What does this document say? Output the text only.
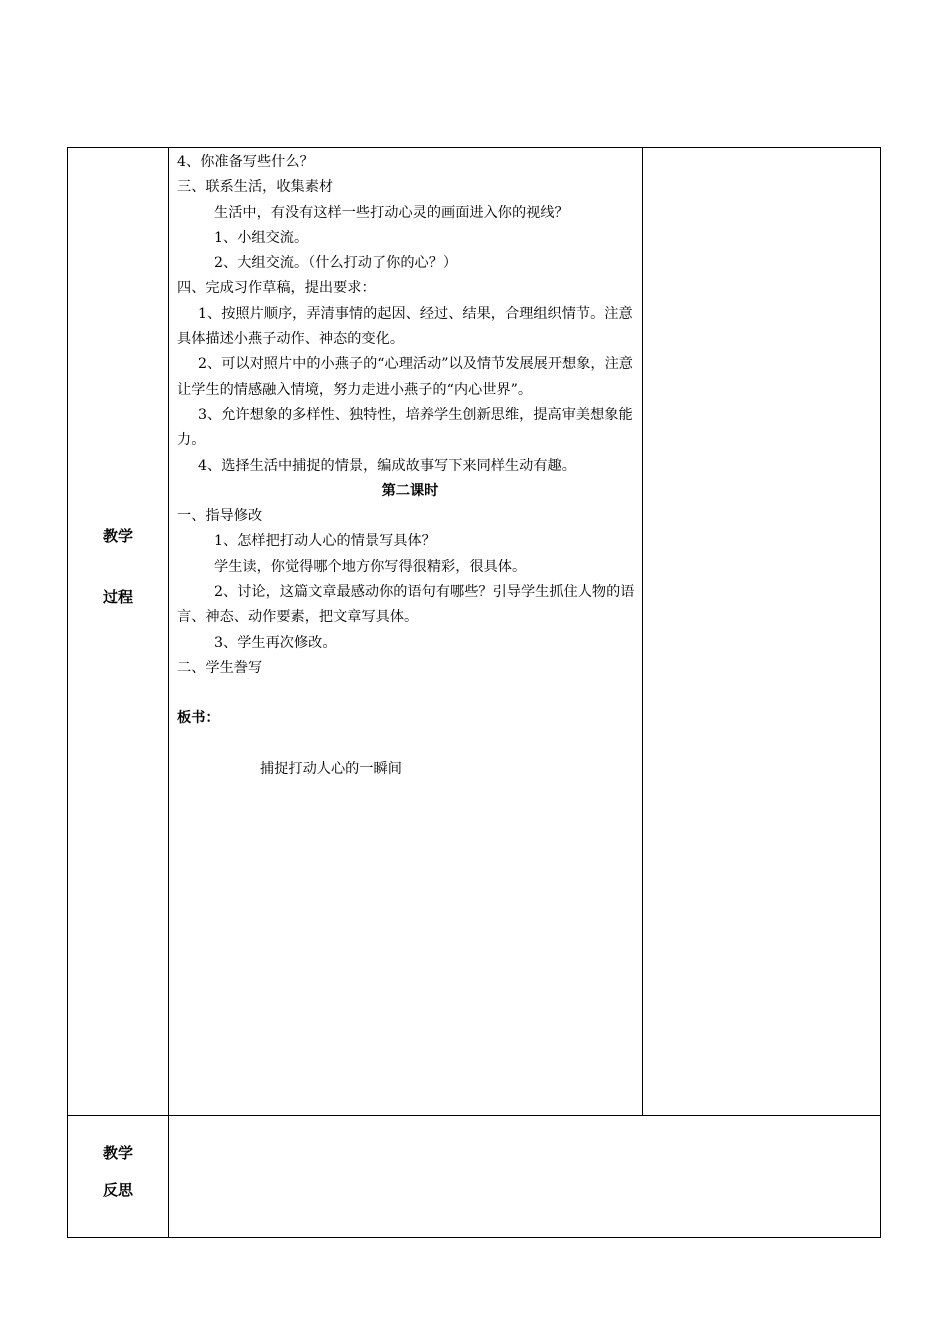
教学
过程
教学
反思

4、你准备写些什么？

三、联系生活，收集素材

生活中，有没有这样一些打动心灵的画面进入你的视线？

1、小组交流。

2、大组交流。（什么打动了你的心？）

四、完成习作草稿，提出要求：

1、按照片顺序，弄清事情的起因、经过、结果，合理组织情节。注意具体描述小燕子动作、神态的变化。

2、可以对照片中的小燕子的“心理活动”以及情节发展展开想象，注意让学生的情感融入情境，努力走进小燕子的“内心世界”。

3、允许想象的多样性、独特性，培养学生创新思维，提高审美想象能力。

4、选择生活中捕捉的情景，编成故事写下来同样生动有趣。

第二课时

一、指导修改

1、怎样把打动人心的情景写具体？

学生读，你觉得哪个地方你写得很精彩，很具体。

2、讨论，这篇文章最感动你的语句有哪些？引导学生抓住人物的语言、神态、动作要素，把文章写具体。

3、学生再次修改。

二、学生誊写

板书：

捕捉打动人心的一瞬间
